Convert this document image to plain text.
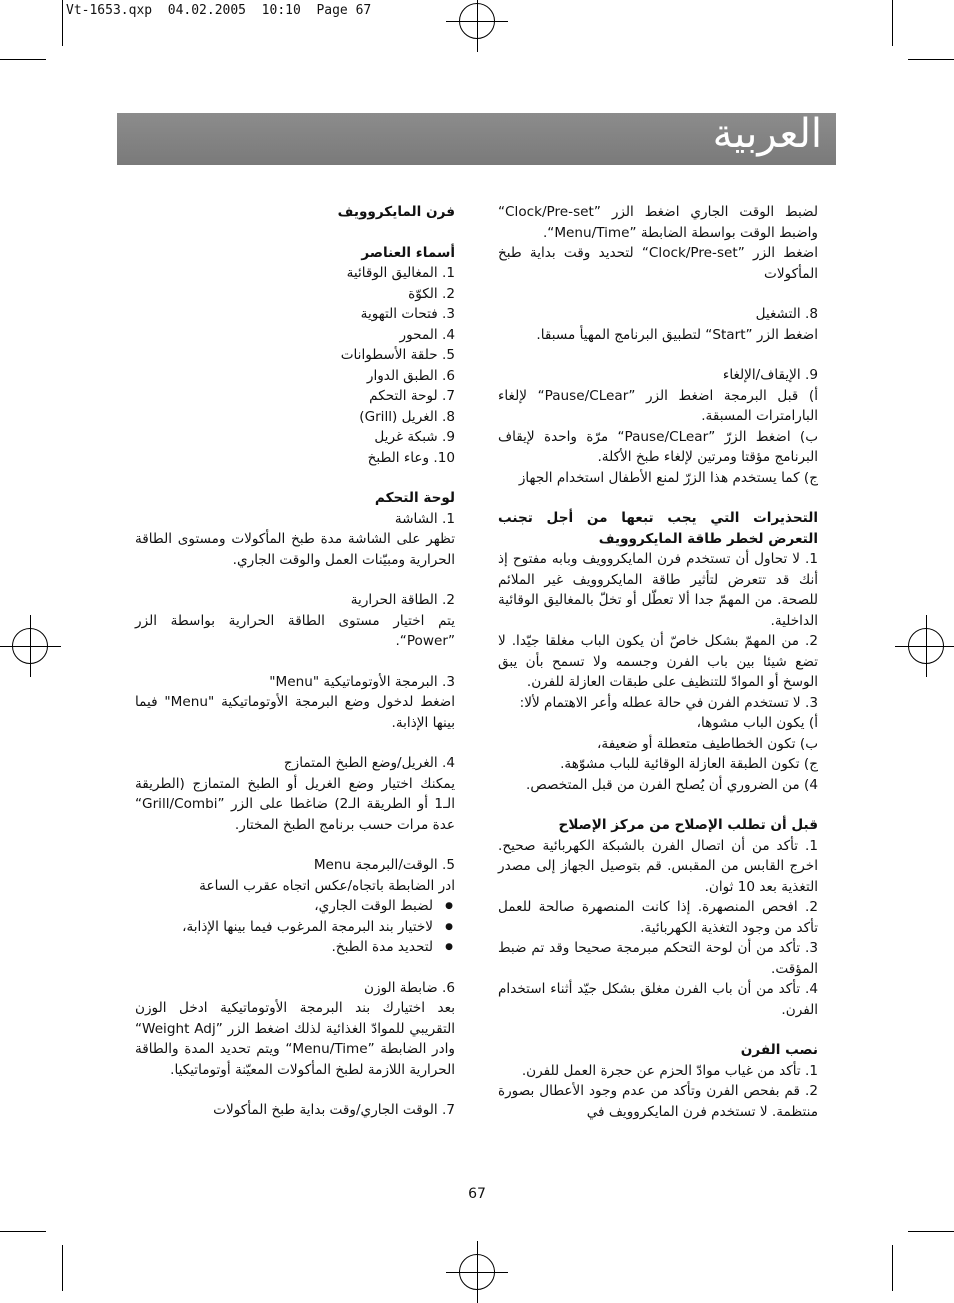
Vt-1653.qxp  04.02.2005  10:10  Page 67
العربية

لضبط الوقت الجاري اضغط الزر ”Clock/Pre-set“ واضبط الوقت بواسطة الضابطة ”Menu/Time“.

اضغط الزر ”Clock/Pre-set“ لتحديد وقت بداية طبخ المأكولات

8. التشغيل

اضغط الزر ”Start“ لتطبيق البرنامج المهيأ مسبقا.

9. الإيقاف/الإلغاء

أ) قبل البرمجة اضغط الزر ”Pause/CLear“ لإلغاء البارامترات المسبقة.

ب) اضغط الزرّ ”Pause/CLear“ مرّة واحدة لإيقاف البرنامج مؤقتا ومرتين لإلغاء طبخ الأكلة.

ج) كما يستخدم هذا الزرّ لمنع الأطفال استخدام الجهاز

التحذيرات التي يجب تبعها من أجل تجنب التعرض لخطر طاقة المايكروويف

1. لا تحاول أن تستخدم فرن المايكروويف وبابه مفتوح إذ أنك قد تتعرض لتأثير طاقة المايكروويف غير الملائم للصحة. من المهمّ جدا ألا تعطّل أو تخلّ بالمغاليق الوقائية الداخلية.

2. من المهمّ بشكل خاصّ أن يكون الباب مغلقا جيّدا. لا تضع شيئا بين باب الفرن وجسمه ولا تسمح بأن يبق الوسخ أو الموادّ للتنظيف على طبقات العازلة للفرن.

3. لا تستخدم الفرن في حالة عطله وأعر الاهتمام لألا:

أ) يكون الباب مشوها،

ب) تكون الخطاطيف متعطلة أو ضعيفة،

ج) تكون الطبقة العازلة الوقائية للباب مشوّهة.

4) من الضروري أن يُصلح الفرن من قبل المتخصص.

قبل أن تطلب الإصلاح من مركز الإصلاح

1. تأكد من أن اتصال الفرن بالشبكة الكهربائية صحيح. اخرج القابس من المقبس. قم بتوصيل الجهاز إلى مصدر التغذية بعد 10 ثوان.

2. افحص المنصهرة. إذا كانت المنصهرة صالحة للعمل تأكد من وجود التغذية الكهربائية.

3. تأكد من أن لوحة التحكم مبرمجة صحيحا وقد تم ضبط المؤقت.

4. تأكد من أن باب الفرن مغلق بشكل جيّد أثناء استخدام الفرن.

نصب الفرن

1. تأكد من غياب موادّ الحزم عن حجرة العمل للفرن.

2. قم بفحص الفرن وتأكد من عدم وجود الأعطال بصورة منتظمة. لا تستخدم فرن المايكروويف في

فرن المايكروويف
أسماء العناصر

1. المغاليق الوقائية

2. الكوّة

3. فتحات التهوية

4. المحور

5. حلقة الأسطوانات

6. الطبق الدوار

7. لوحة التحكم

8. الغريل (Grill)

9. شبكة غريل

10. وعاء الطبخ

لوحة التحكم

1. الشاشة

تظهر على الشاشة مدة طبخ المأكولات ومستوى الطاقة الحرارية ومبيّنات العمل والوقت الجاري.

2. الطاقة الحرارية

يتم اختيار مستوى الطاقة الحرارية بواسطة الزر ”Power“.

3. البرمجة الأوتوماتيكية "Menu"

اضغط لدخول وضع البرمجة الأوتوماتيكية "Menu" فيما بينها الإذابة.

4. الغريل/وضع الطبخ المتمازج

يمكنك اختيار وضع الغريل أو الطبخ المتمازج (الطريقة الـ1 أو الطريقة الـ2) ضاغطا على الزر ”Grill/Combi“ عدة مرات حسب برنامج الطبخ المختار.

5. الوقت/البرمجة Menu

ادر الضابطة باتجاه/عكس اتجاه عقرب الساعة

● لضبط الوقت الجاري،
● لاختيار بند البرمجة المرغوب فيما بينها الإذابة،
● لتحديد مدة الطبخ.

6. ضابطة الوزن

بعد اختيارك بند البرمجة الأوتوماتيكية ادخل الوزن التقريبي للموادّ الغذائية لذلك اضغط الزر ”Weight Adj“ وادر الضابطة ”Menu/Time“ ويتم تحديد المدة والطاقة الحرارية اللازمة لطبخ المأكولات المعيّنة أوتوماتيكيا.

7. الوقت الجاري/وقت بداية طبخ المأكولات

67
